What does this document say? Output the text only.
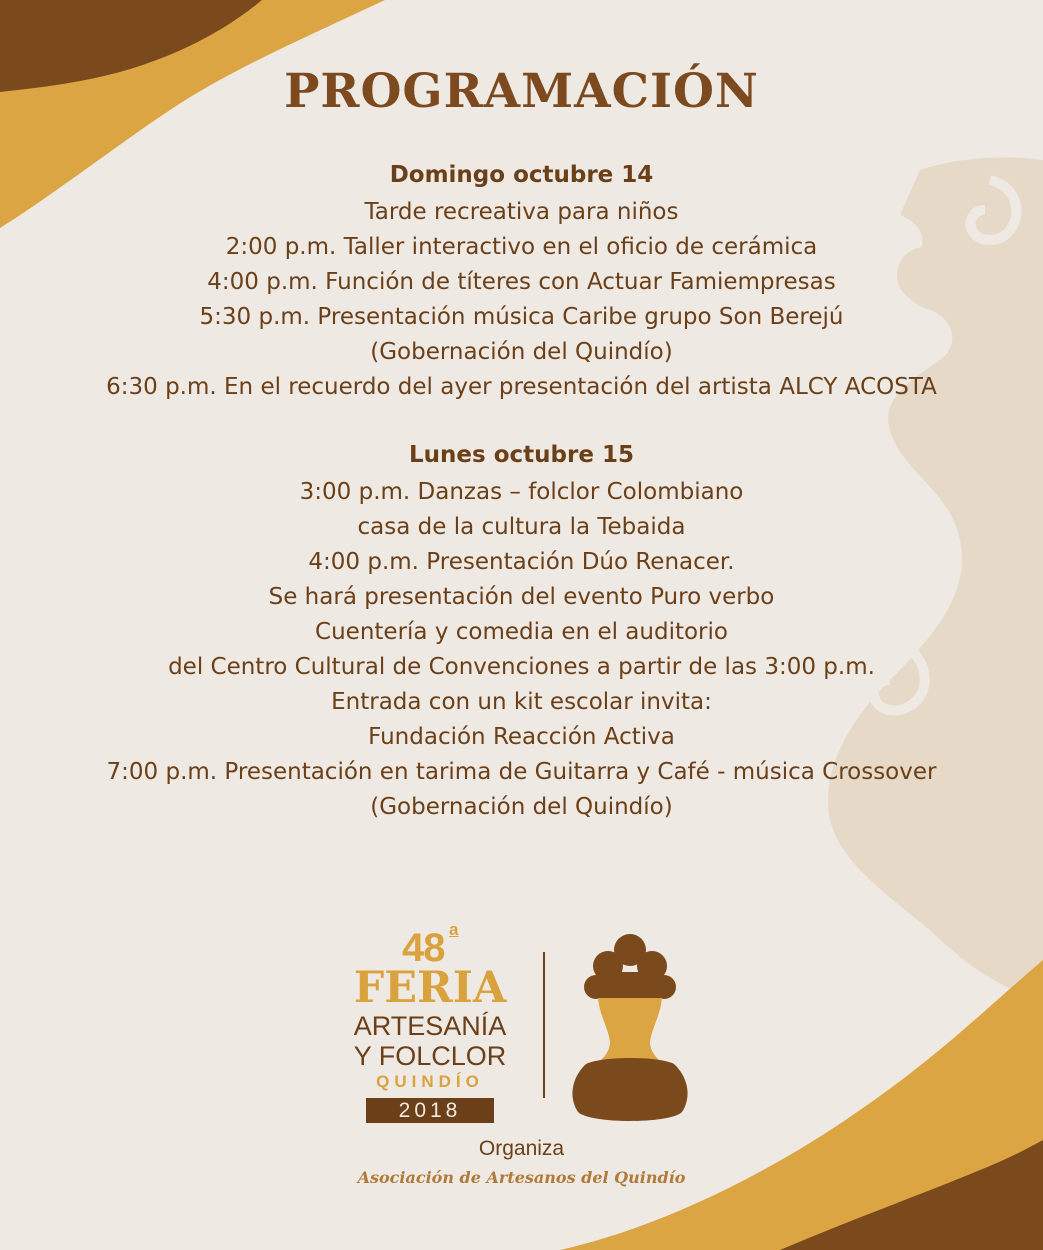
PROGRAMACIÓN
Domingo octubre 14
Tarde recreativa para niños
2:00 p.m. Taller interactivo en el oficio de cerámica
4:00 p.m. Función de títeres con Actuar Famiempresas
5:30 p.m. Presentación música Caribe grupo Son Berejú
(Gobernación del Quindío)
6:30 p.m. En el recuerdo del ayer presentación del artista ALCY ACOSTA
Lunes octubre 15
3:00 p.m. Danzas – folclor Colombiano
casa de la cultura la Tebaida
4:00 p.m. Presentación Dúo Renacer.
Se hará presentación del evento Puro verbo
Cuentería y comedia en el auditorio
del Centro Cultural de Convenciones a partir de las 3:00 p.m.
Entrada con un kit escolar invita:
Fundación Reacción Activa
7:00 p.m. Presentación en tarima de Guitarra y Café - música Crossover
(Gobernación del Quindío)
48 a
FERIA
ARTESANÍA
Y FOLCLOR
QUINDÍO
2018
Organiza
Asociación de Artesanos del Quindío
